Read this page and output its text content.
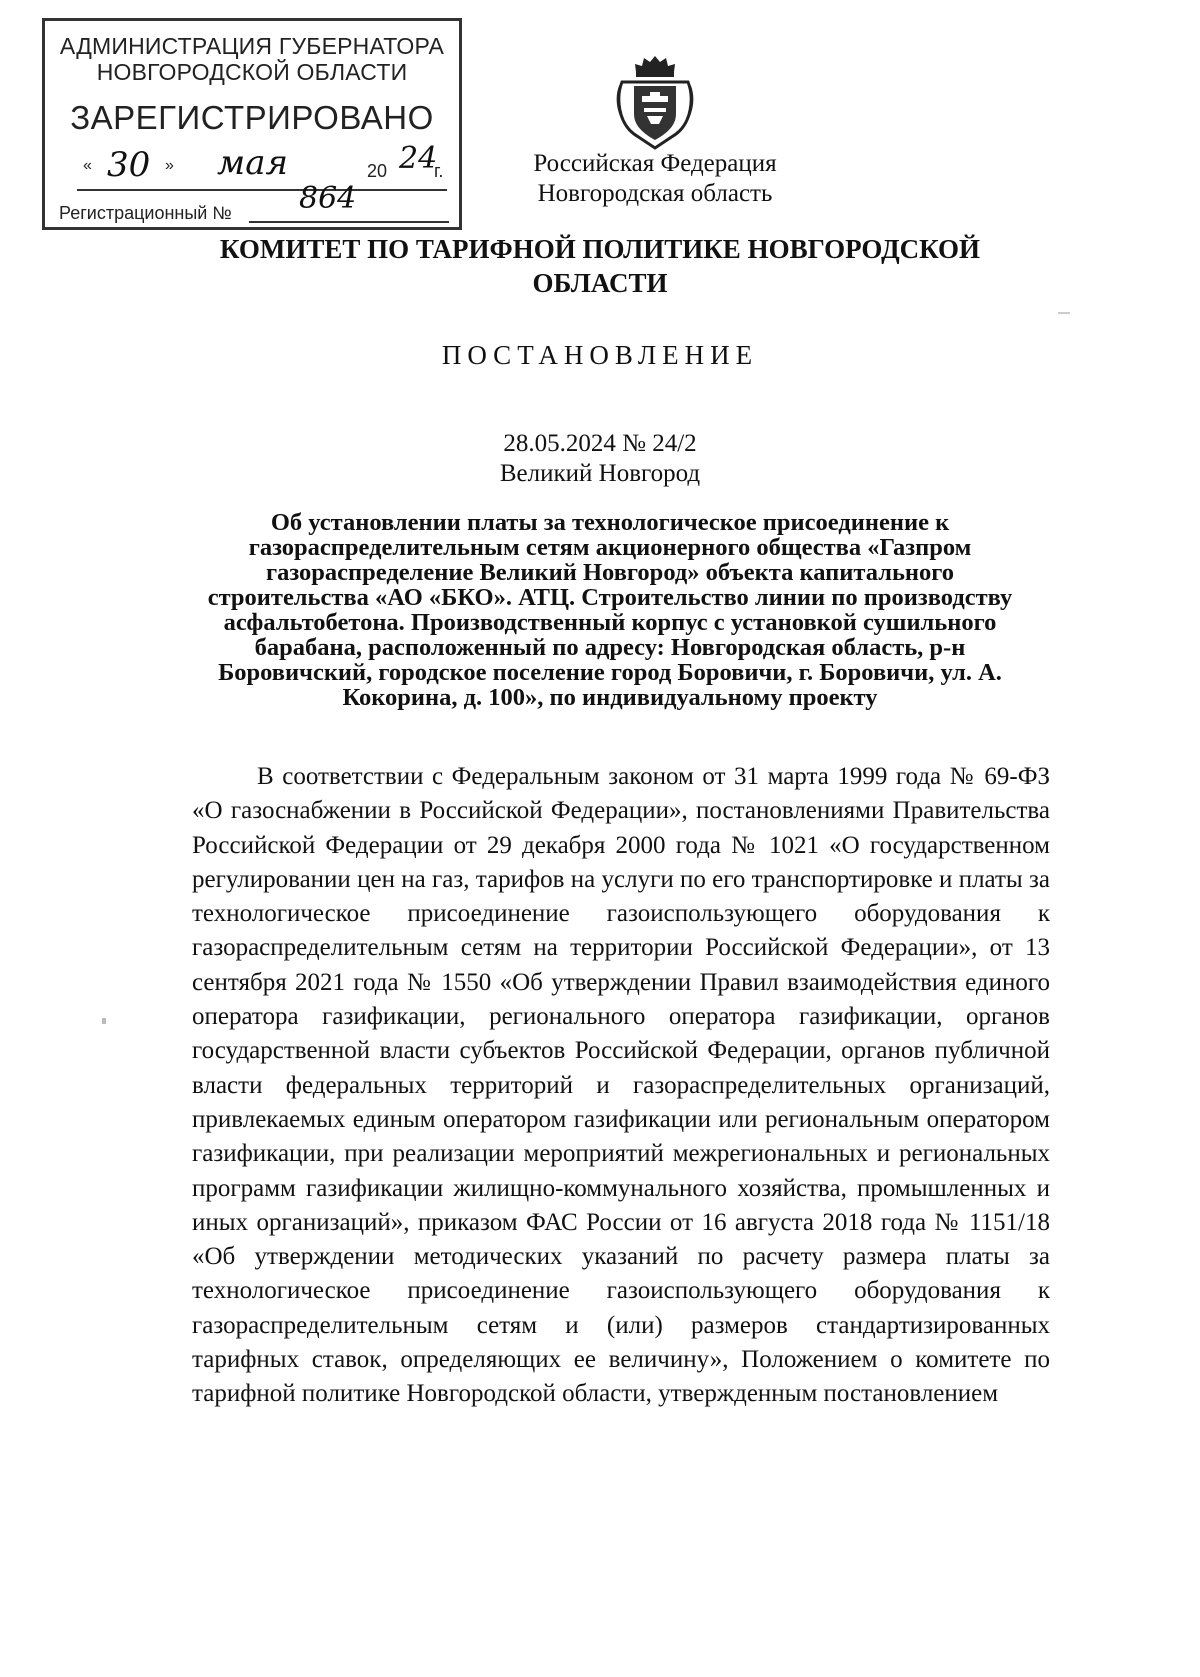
АДМИНИСТРАЦИЯ ГУБЕРНАТОРА
НОВГОРОДСКОЙ ОБЛАСТИ
ЗАРЕГИСТРИРОВАНО
« 30 » мая	20 24
г.
Регистрационный № 864
Российская Федерация
Новгородская область
КОМИТЕТ ПО ТАРИФНОЙ ПОЛИТИКЕ НОВГОРОДСКОЙ ОБЛАСТИ
ПОСТАНОВЛЕНИЕ
28.05.2024 № 24/2
Великий Новгород
Об установлении платы за технологическое присоединение к газораспределительным сетям акционерного общества «Газпром газораспределение Великий Новгород» объекта капитального строительства «АО «БКО». АТЦ. Строительство линии по производству асфальтобетона. Производственный корпус с установкой сушильного барабана, расположенный по адресу: Новгородская область, р-н Боровичский, городское поселение город Боровичи, г. Боровичи, ул. А. Кокорина, д. 100», по индивидуальному проекту
В соответствии с Федеральным законом от 31 марта 1999 года № 69-ФЗ «О газоснабжении в Российской Федерации», постановлениями Правительства Российской Федерации от 29 декабря 2000 года № 1021 «О государственном регулировании цен на газ, тарифов на услуги по его транспортировке и платы за технологическое присоединение газоиспользующего оборудования к газораспределительным сетям на территории Российской Федерации», от 13 сентября 2021 года № 1550 «Об утверждении Правил взаимодействия единого оператора газификации, регионального оператора газификации, органов государственной власти субъектов Российской Федерации, органов публичной власти федеральных территорий и газораспределительных организаций, привлекаемых единым оператором газификации или региональным оператором газификации, при реализации мероприятий межрегиональных и региональных программ газификации жилищно-коммунального хозяйства, промышленных и иных организаций», приказом ФАС России от 16 августа 2018 года № 1151/18 «Об утверждении методических указаний по расчету размера платы за технологическое присоединение газоиспользующего оборудования к газораспределительным сетям и (или) размеров стандартизированных тарифных ставок, определяющих ее величину», Положением о комитете по тарифной политике Новгородской области, утвержденным постановлением
